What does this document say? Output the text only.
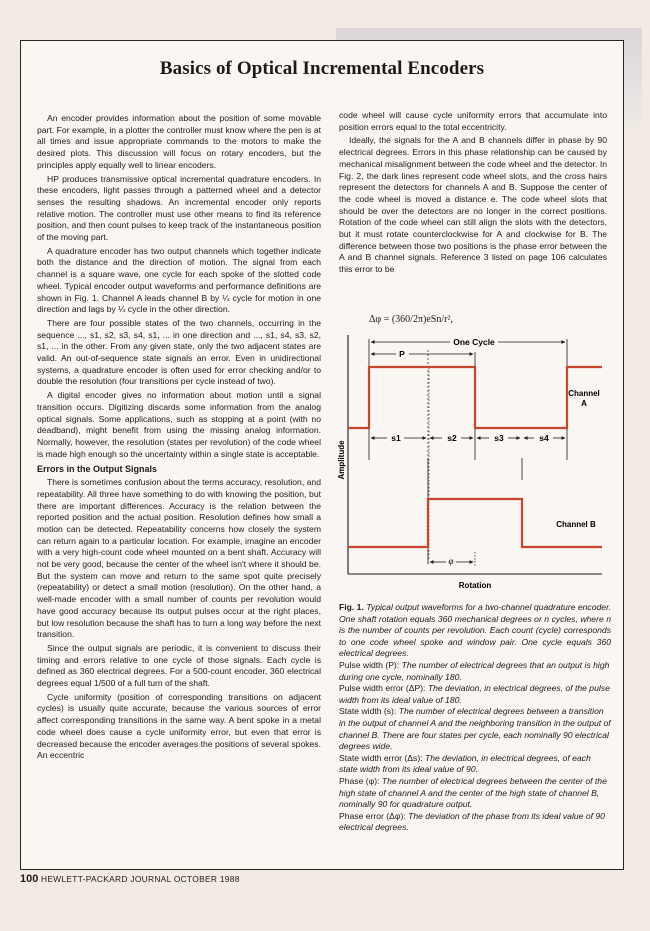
Basics of Optical Incremental Encoders

An encoder provides information about the position of some movable part. For example, in a plotter the controller must know where the pen is at all times and issue appropriate commands to the motors to make the desired plots. This discussion will focus on rotary encoders, but the principles apply equally well to linear encoders.

HP produces transmissive optical incremental quadrature encoders. In these encoders, light passes through a patterned wheel and a detector senses the resulting shadows. An incremental encoder only reports relative motion. The controller must use other means to find its reference position, and then count pulses to keep track of the instantaneous position of the moving part.

A quadrature encoder has two output channels which together indicate both the distance and the direction of motion. The signal from each channel is a square wave, one cycle for each spoke of the slotted code wheel. Typical encoder output waveforms and performance definitions are shown in Fig. 1. Channel A leads channel B by ¼ cycle for motion in one direction and lags by ¼ cycle in the other direction.

There are four possible states of the two channels, occurring in the sequence ..., s1, s2, s3, s4, s1, ... in one direction and ..., s1, s4, s3, s2, s1, ... in the other. From any given state, only the two adjacent states are valid. An out-of-sequence state signals an error. Even in unidirectional systems, a quadrature encoder is often used for error checking and/or to double the resolution (four transitions per cycle instead of two).

A digital encoder gives no information about motion until a signal transition occurs. Digitizing discards some information from the analog optical signals. Some applications, such as stopping at a point (with no deadband), might benefit from using the missing analog information. Normally, however, the resolution (states per revolution) of the code wheel is made high enough so the uncertainty within a single state is acceptable.

Errors in the Output Signals

There is sometimes confusion about the terms accuracy, resolution, and repeatability. All three have something to do with knowing the position, but there are important differences. Accuracy is the relation between the reported position and the actual position. Resolution defines how small a motion can be detected. Repeatability concerns how closely the system can return again to a particular location. For example, imagine an encoder with a very high-count code wheel mounted on a bent shaft. Accuracy will not be very good, because the center of the wheel isn't where it should be. But the system can move and return to the same spot quite precisely (repeatability) or detect a small motion (resolution). On the other hand, a well-made encoder with a small number of counts per revolution would have good accuracy because its output pulses occur at the right places, but low resolution because the shaft has to turn a long way before the next transition.

Since the output signals are periodic, it is convenient to discuss their timing and errors relative to one cycle of those signals. Each cycle is defined as 360 electrical degrees. For a 500-count encoder, 360 electrical degrees equal 1/500 of a full turn of the shaft.

Cycle uniformity (position of corresponding transitions on adjacent cycles) is usually quite accurate, because the various sources of error affect corresponding transitions in the same way. A bent spoke in a metal code wheel does cause a cycle uniformity error, but even that error is decreased because the encoder averages the positions of several spokes. An eccentric

code wheel will cause cycle uniformity errors that accumulate into position errors equal to the total eccentricity.

Ideally, the signals for the A and B channels differ in phase by 90 electrical degrees. Errors in this phase relationship can be caused by mechanical misalignment between the code wheel and the detector. In Fig. 2, the dark lines represent code wheel slots, and the cross hairs represent the detectors for channels A and B. Suppose the center of the code wheel is moved a distance e. The code wheel slots that should be over the detectors are no longer in the correct positions. Rotation of the code wheel can still align the slots with the detectors, but it must rotate counterclockwise for A and clockwise for B. The difference between those two positions is the phase error between the A and B channel signals. Reference 3 listed on page 106 calculates this error to be

Δφ = (360/2π)eSn/r²,
One Cycle
P
Channel
A
s1	s2	s3	s4
Amplitude
Channel B
φ
Rotation

Fig. 1. Typical output waveforms for a two-channel quadrature encoder. One shaft rotation equals 360 mechanical degrees or n cycles, where n is the number of counts per revolution. Each count (cycle) corresponds to one code wheel spoke and window pair. One cycle equals 360 electrical degrees.

Pulse width (P): The number of electrical degrees that an output is high during one cycle, nominally 180.

Pulse width error (ΔP): The deviation, in electrical degrees, of the pulse width from its ideal value of 180.

State width (s): The number of electrical degrees between a transition in the output of channel A and the neighboring transition in the output of channel B. There are four states per cycle, each nominally 90 electrical degrees wide.

State width error (Δs): The deviation, in electrical degrees, of each state width from its ideal value of 90.

Phase (φ): The number of electrical degrees between the center of the high state of channel A and the center of the high state of channel B, nominally 90 for quadrature output.

Phase error (Δφ): The deviation of the phase from its ideal value of 90 electrical degrees.

100 HEWLETT-PACKARD JOURNAL OCTOBER 1988
